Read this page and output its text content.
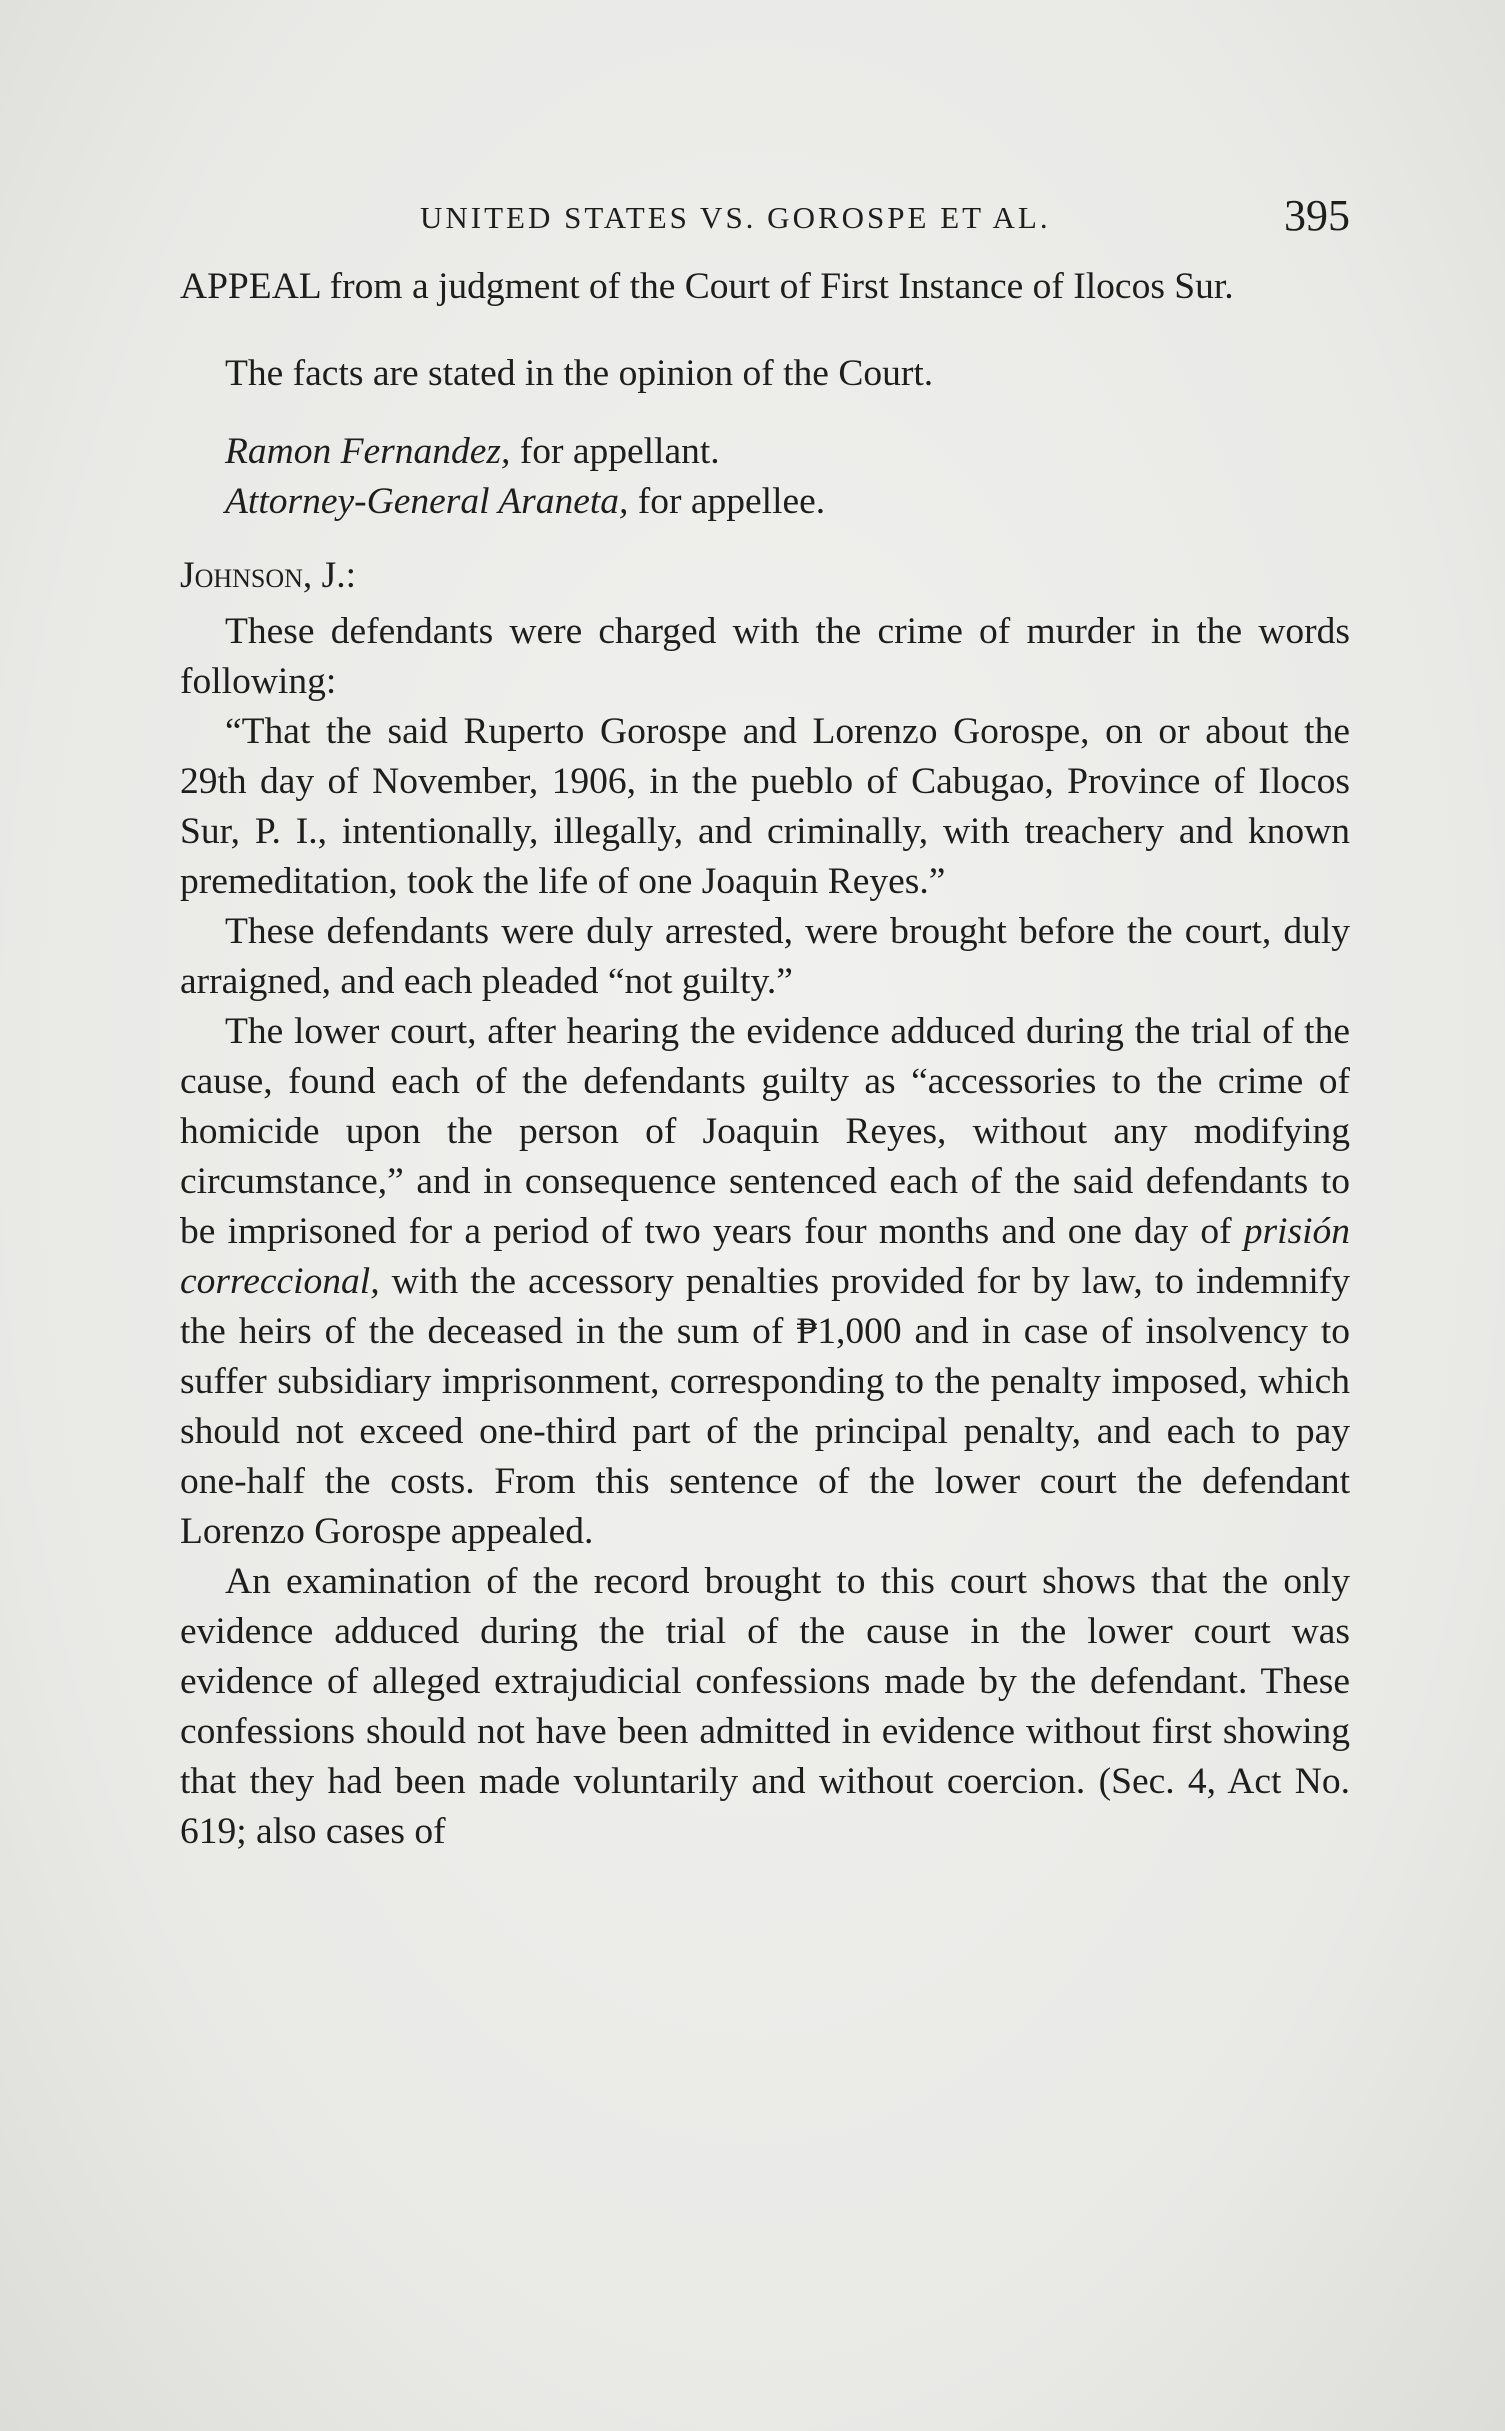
UNITED STATES VS. GOROSPE ET AL.	395

APPEAL from a judgment of the Court of First Instance of Ilocos Sur.

The facts are stated in the opinion of the Court.

Ramon Fernandez, for appellant.

Attorney-General Araneta, for appellee.

Johnson, J.:

These defendants were charged with the crime of murder in the words following:

“That the said Ruperto Gorospe and Lorenzo Gorospe, on or about the 29th day of November, 1906, in the pueblo of Cabugao, Province of Ilocos Sur, P. I., intentionally, illegally, and criminally, with treachery and known premeditation, took the life of one Joaquin Reyes.”

These defendants were duly arrested, were brought before the court, duly arraigned, and each pleaded “not guilty.”

The lower court, after hearing the evidence adduced during the trial of the cause, found each of the defendants guilty as “accessories to the crime of homicide upon the person of Joaquin Reyes, without any modifying circumstance,” and in consequence sentenced each of the said defendants to be imprisoned for a period of two years four months and one day of prisión correccional, with the accessory penalties provided for by law, to indemnify the heirs of the deceased in the sum of ₱1,000 and in case of insolvency to suffer subsidiary imprisonment, corresponding to the penalty imposed, which should not exceed one-third part of the principal penalty, and each to pay one-half the costs. From this sentence of the lower court the defendant Lorenzo Gorospe appealed.

An examination of the record brought to this court shows that the only evidence adduced during the trial of the cause in the lower court was evidence of alleged extrajudicial confessions made by the defendant. These confessions should not have been admitted in evidence without first showing that they had been made voluntarily and without coercion. (Sec. 4, Act No. 619; also cases of
